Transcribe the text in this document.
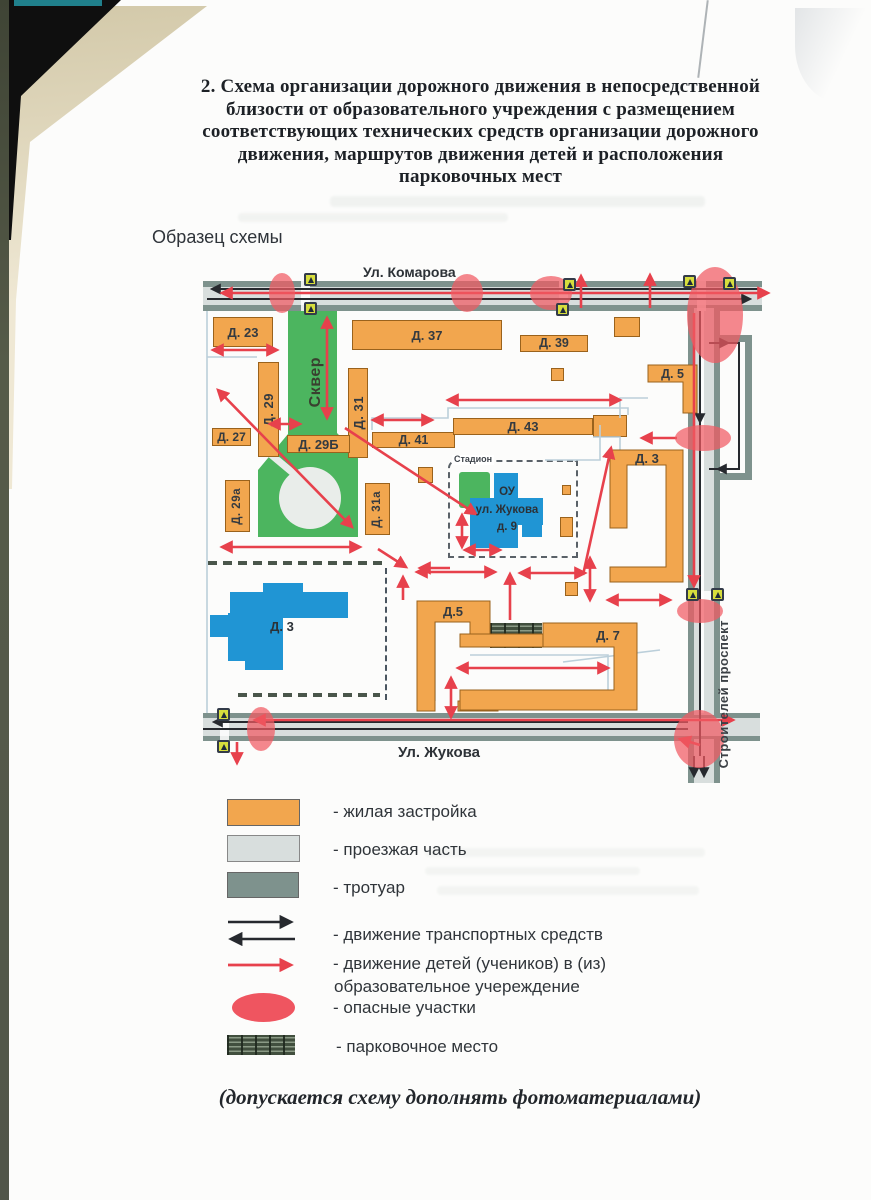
2. Схема организации дорожного движения в непосредственной
близости от образовательного учреждения с размещением
соответствующих технических средств организации дорожного
движения, маршрутов движения детей и расположения
парковочных мест
Образец схемы
Сквер
Стадион
Д. 23	Д. 37
Д. 39
Д. 29	Д. 31
Д. 27	Д. 29Б	Д. 41
Д. 43
Д. 29а	Д. 31а
Д. 3
Д. 5
Д. 3
Д.5
Д. 7
ОУ
ул. Жукова
д. 9
Ул. Комарова
Ул. Жукова	Строителей проспект
- жилая застройка
- проезжая часть
- тротуар
- движение транспортных средств
- движение детей (учеников) в (из)
образовательное учереждение
- опасные участки
- парковочное место
(допускается схему дополнять фотоматериалами)
